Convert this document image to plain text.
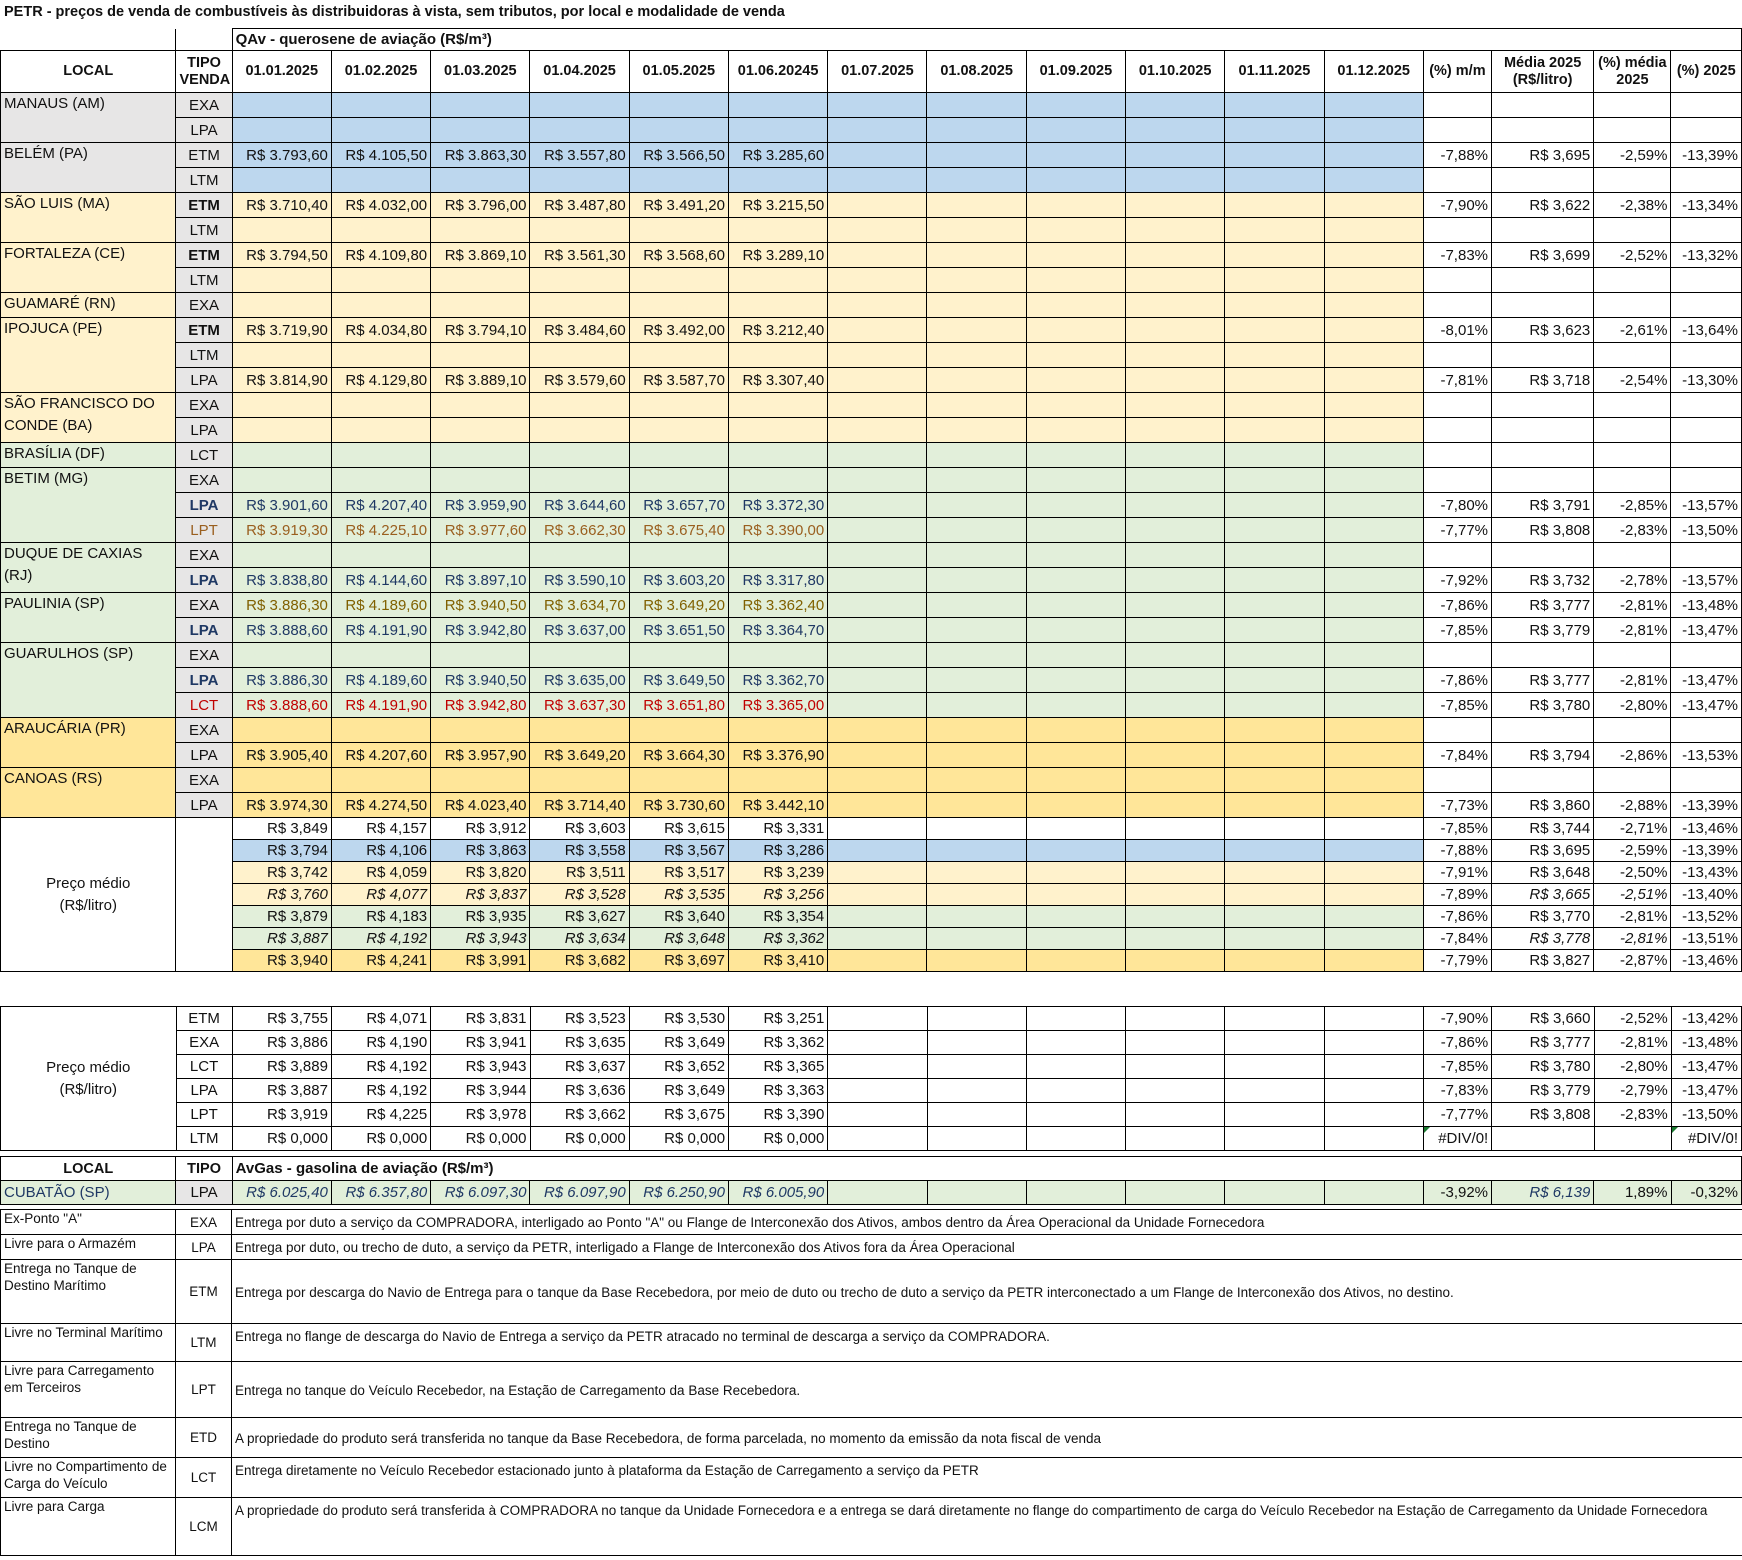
PETR - preços de venda de combustíveis às distribuidoras à vista, sem tributos, por local e modalidade de venda
		QAv - querosene de aviação (R$/m³)															
LOCAL	TIPO VENDA	01.01.2025	01.02.2025	01.03.2025	01.04.2025	01.05.2025	01.06.20245	01.07.2025	01.08.2025	01.09.2025	01.10.2025	01.11.2025	01.12.2025	(%) m/m	Média 2025 (R$/litro)	(%) média 2025	(%) 2025
MANAUS (AM)	EXA																
	LPA																
BELÉM (PA)	ETM	R$ 3.793,60	R$ 4.105,50	R$ 3.863,30	R$ 3.557,80	R$ 3.566,50	R$ 3.285,60							-7,88%	R$ 3,695	-2,59%	-13,39%
	LTM																
SÃO LUIS (MA)	ETM	R$ 3.710,40	R$ 4.032,00	R$ 3.796,00	R$ 3.487,80	R$ 3.491,20	R$ 3.215,50							-7,90%	R$ 3,622	-2,38%	-13,34%
	LTM																
FORTALEZA (CE)	ETM	R$ 3.794,50	R$ 4.109,80	R$ 3.869,10	R$ 3.561,30	R$ 3.568,60	R$ 3.289,10							-7,83%	R$ 3,699	-2,52%	-13,32%
	LTM																
GUAMARÉ (RN)	EXA																
IPOJUCA (PE)	ETM	R$ 3.719,90	R$ 4.034,80	R$ 3.794,10	R$ 3.484,60	R$ 3.492,00	R$ 3.212,40							-8,01%	R$ 3,623	-2,61%	-13,64%
	LTM																
	LPA	R$ 3.814,90	R$ 4.129,80	R$ 3.889,10	R$ 3.579,60	R$ 3.587,70	R$ 3.307,40							-7,81%	R$ 3,718	-2,54%	-13,30%
SÃO FRANCISCO DO CONDE (BA)	EXA																
	LPA																
BRASÍLIA (DF)	LCT																
BETIM (MG)	EXA																
	LPA	R$ 3.901,60	R$ 4.207,40	R$ 3.959,90	R$ 3.644,60	R$ 3.657,70	R$ 3.372,30							-7,80%	R$ 3,791	-2,85%	-13,57%
	LPT	R$ 3.919,30	R$ 4.225,10	R$ 3.977,60	R$ 3.662,30	R$ 3.675,40	R$ 3.390,00							-7,77%	R$ 3,808	-2,83%	-13,50%
DUQUE DE CAXIAS (RJ)	EXA																
	LPA	R$ 3.838,80	R$ 4.144,60	R$ 3.897,10	R$ 3.590,10	R$ 3.603,20	R$ 3.317,80							-7,92%	R$ 3,732	-2,78%	-13,57%
PAULINIA (SP)	EXA	R$ 3.886,30	R$ 4.189,60	R$ 3.940,50	R$ 3.634,70	R$ 3.649,20	R$ 3.362,40							-7,86%	R$ 3,777	-2,81%	-13,48%
	LPA	R$ 3.888,60	R$ 4.191,90	R$ 3.942,80	R$ 3.637,00	R$ 3.651,50	R$ 3.364,70							-7,85%	R$ 3,779	-2,81%	-13,47%
GUARULHOS (SP)	EXA																
	LPA	R$ 3.886,30	R$ 4.189,60	R$ 3.940,50	R$ 3.635,00	R$ 3.649,50	R$ 3.362,70							-7,86%	R$ 3,777	-2,81%	-13,47%
	LCT	R$ 3.888,60	R$ 4.191,90	R$ 3.942,80	R$ 3.637,30	R$ 3.651,80	R$ 3.365,00							-7,85%	R$ 3,780	-2,80%	-13,47%
ARAUCÁRIA (PR)	EXA																
	LPA	R$ 3.905,40	R$ 4.207,60	R$ 3.957,90	R$ 3.649,20	R$ 3.664,30	R$ 3.376,90							-7,84%	R$ 3,794	-2,86%	-13,53%
CANOAS (RS)	EXA																
	LPA	R$ 3.974,30	R$ 4.274,50	R$ 4.023,40	R$ 3.714,40	R$ 3.730,60	R$ 3.442,10							-7,73%	R$ 3,860	-2,88%	-13,39%
Preço médio (R$/litro)		R$ 3,849	R$ 4,157	R$ 3,912	R$ 3,603	R$ 3,615	R$ 3,331							-7,85%	R$ 3,744	-2,71%	-13,46%
		R$ 3,794	R$ 4,106	R$ 3,863	R$ 3,558	R$ 3,567	R$ 3,286							-7,88%	R$ 3,695	-2,59%	-13,39%
		R$ 3,742	R$ 4,059	R$ 3,820	R$ 3,511	R$ 3,517	R$ 3,239							-7,91%	R$ 3,648	-2,50%	-13,43%
		R$ 3,760	R$ 4,077	R$ 3,837	R$ 3,528	R$ 3,535	R$ 3,256							-7,89%	R$ 3,665	-2,51%	-13,40%
		R$ 3,879	R$ 4,183	R$ 3,935	R$ 3,627	R$ 3,640	R$ 3,354							-7,86%	R$ 3,770	-2,81%	-13,52%
		R$ 3,887	R$ 4,192	R$ 3,943	R$ 3,634	R$ 3,648	R$ 3,362							-7,84%	R$ 3,778	-2,81%	-13,51%
		R$ 3,940	R$ 4,241	R$ 3,991	R$ 3,682	R$ 3,697	R$ 3,410							-7,79%	R$ 3,827	-2,87%	-13,46%
Preço médio (R$/litro)	ETM	R$ 3,755	R$ 4,071	R$ 3,831	R$ 3,523	R$ 3,530	R$ 3,251							-7,90%	R$ 3,660	-2,52%	-13,42%
	EXA	R$ 3,886	R$ 4,190	R$ 3,941	R$ 3,635	R$ 3,649	R$ 3,362							-7,86%	R$ 3,777	-2,81%	-13,48%
	LCT	R$ 3,889	R$ 4,192	R$ 3,943	R$ 3,637	R$ 3,652	R$ 3,365							-7,85%	R$ 3,780	-2,80%	-13,47%
	LPA	R$ 3,887	R$ 4,192	R$ 3,944	R$ 3,636	R$ 3,649	R$ 3,363							-7,83%	R$ 3,779	-2,79%	-13,47%
	LPT	R$ 3,919	R$ 4,225	R$ 3,978	R$ 3,662	R$ 3,675	R$ 3,390							-7,77%	R$ 3,808	-2,83%	-13,50%
	LTM	R$ 0,000	R$ 0,000	R$ 0,000	R$ 0,000	R$ 0,000	R$ 0,000							#DIV/0!			#DIV/0!
LOCAL	TIPO	AvGas - gasolina de aviação (R$/m³)															
CUBATÃO (SP)	LPA	R$ 6.025,40	R$ 6.357,80	R$ 6.097,30	R$ 6.097,90	R$ 6.250,90	R$ 6.005,90							-3,92%	R$ 6,139	1,89%	-0,32%
Ex-Ponto "A"	EXA	Entrega por duto a serviço da COMPRADORA, interligado ao Ponto "A" ou Flange de Interconexão dos Ativos, ambos dentro da Área Operacional da Unidade Fornecedora
Livre para o Armazém	LPA	Entrega por duto, ou trecho de duto, a serviço da PETR, interligado a Flange de Interconexão dos Ativos fora da Área Operacional
Entrega no Tanque de Destino Marítimo	ETM	Entrega por descarga do Navio de Entrega para o tanque da Base Recebedora, por meio de duto ou trecho de duto a serviço da PETR interconectado a um Flange de Interconexão dos Ativos, no destino.
Livre no Terminal Marítimo	LTM	Entrega no flange de descarga do Navio de Entrega a serviço da PETR atracado no terminal de descarga a serviço da COMPRADORA.
Livre para Carregamento em Terceiros	LPT	Entrega no tanque do Veículo Recebedor, na Estação de Carregamento da Base Recebedora.
Entrega no Tanque de Destino	ETD	A propriedade do produto será transferida no tanque da Base Recebedora, de forma parcelada, no momento da emissão da nota fiscal de venda
Livre no Compartimento de Carga do Veículo	LCT	Entrega diretamente no Veículo Recebedor estacionado junto à plataforma da Estação de Carregamento a serviço da PETR
Livre para Carga	LCM	A propriedade do produto será transferida à COMPRADORA no tanque da Unidade Fornecedora e a entrega se dará diretamente no flange do compartimento de carga do Veículo Recebedor na Estação de Carregamento da Unidade Fornecedora
